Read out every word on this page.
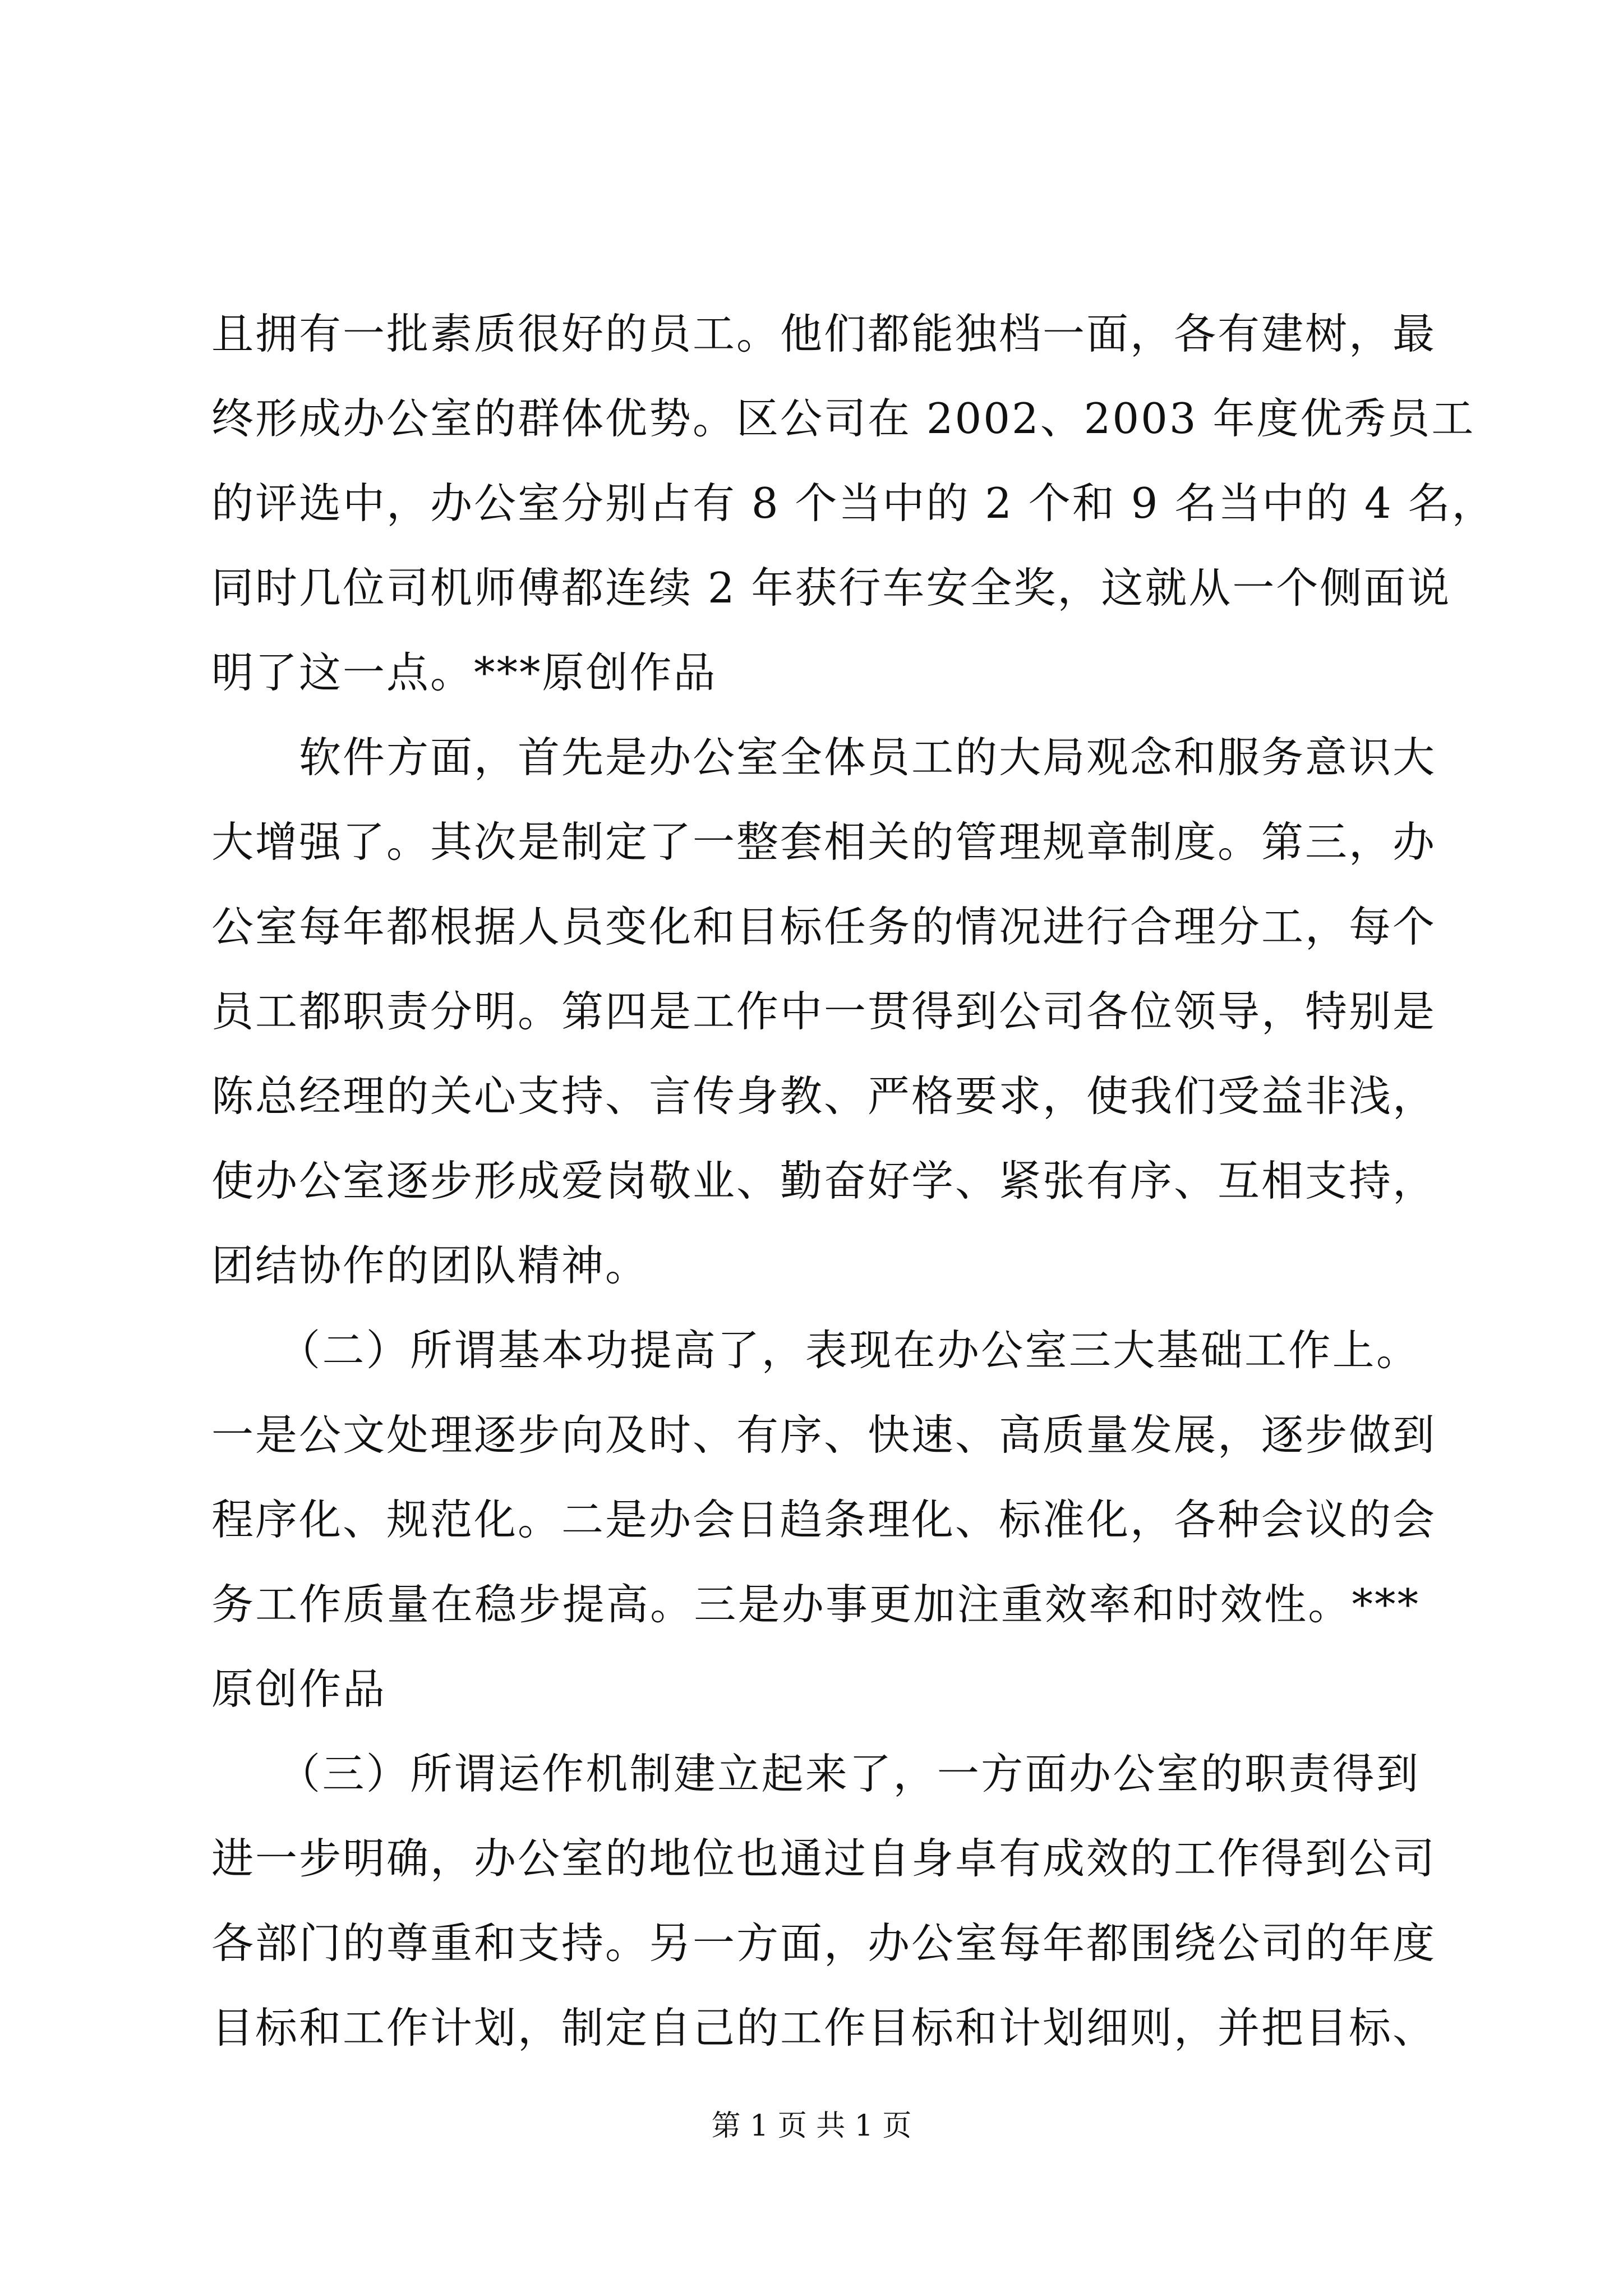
且拥有一批素质很好的员工。他们都能独档一面，各有建树，最
终形成办公室的群体优势。区公司在 2002、2003 年度优秀员工
的评选中，办公室分别占有 8 个当中的 2 个和 9 名当中的 4 名，
同时几位司机师傅都连续 2 年获行车安全奖，这就从一个侧面说
明了这一点。***原创作品
　　软件方面，首先是办公室全体员工的大局观念和服务意识大
大增强了。其次是制定了一整套相关的管理规章制度。第三，办
公室每年都根据人员变化和目标任务的情况进行合理分工，每个
员工都职责分明。第四是工作中一贯得到公司各位领导，特别是
陈总经理的关心支持、言传身教、严格要求，使我们受益非浅，
使办公室逐步形成爱岗敬业、勤奋好学、紧张有序、互相支持，
团结协作的团队精神。
　　（二）所谓基本功提高了，表现在办公室三大基础工作上。
一是公文处理逐步向及时、有序、快速、高质量发展，逐步做到
程序化、规范化。二是办会日趋条理化、标准化，各种会议的会
务工作质量在稳步提高。三是办事更加注重效率和时效性。***
原创作品
　　（三）所谓运作机制建立起来了，一方面办公室的职责得到
进一步明确，办公室的地位也通过自身卓有成效的工作得到公司
各部门的尊重和支持。另一方面，办公室每年都围绕公司的年度
目标和工作计划，制定自己的工作目标和计划细则，并把目标、
第 1 页 共 1 页
